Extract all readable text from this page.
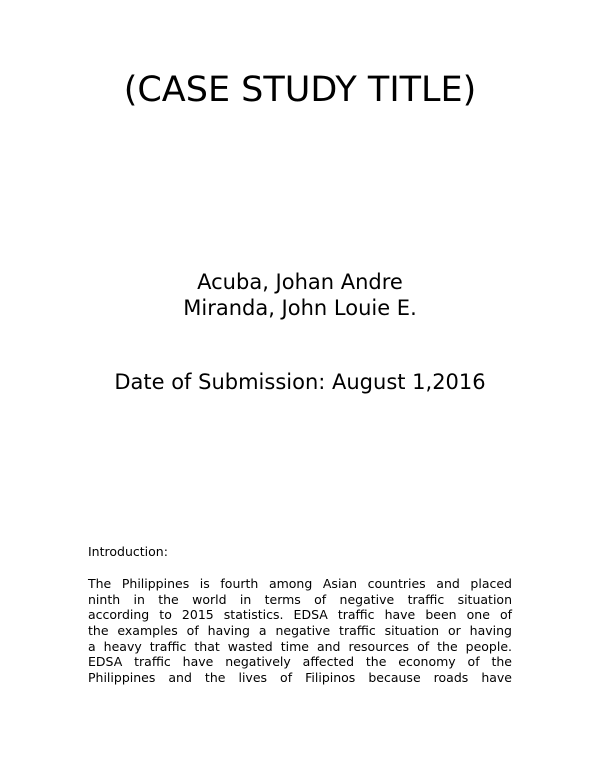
(CASE STUDY TITLE)
Acuba, Johan Andre
Miranda, John Louie E.
Date of Submission: August 1,2016
Introduction:
The Philippines is fourth among Asian countries and placed
ninth in the world in terms of negative traffic situation
according to 2015 statistics. EDSA traffic have been one of
the examples of having a negative traffic situation or having
a heavy traffic that wasted time and resources of the people.
EDSA traffic have negatively affected the economy of the
Philippines and the lives of Filipinos because roads have
